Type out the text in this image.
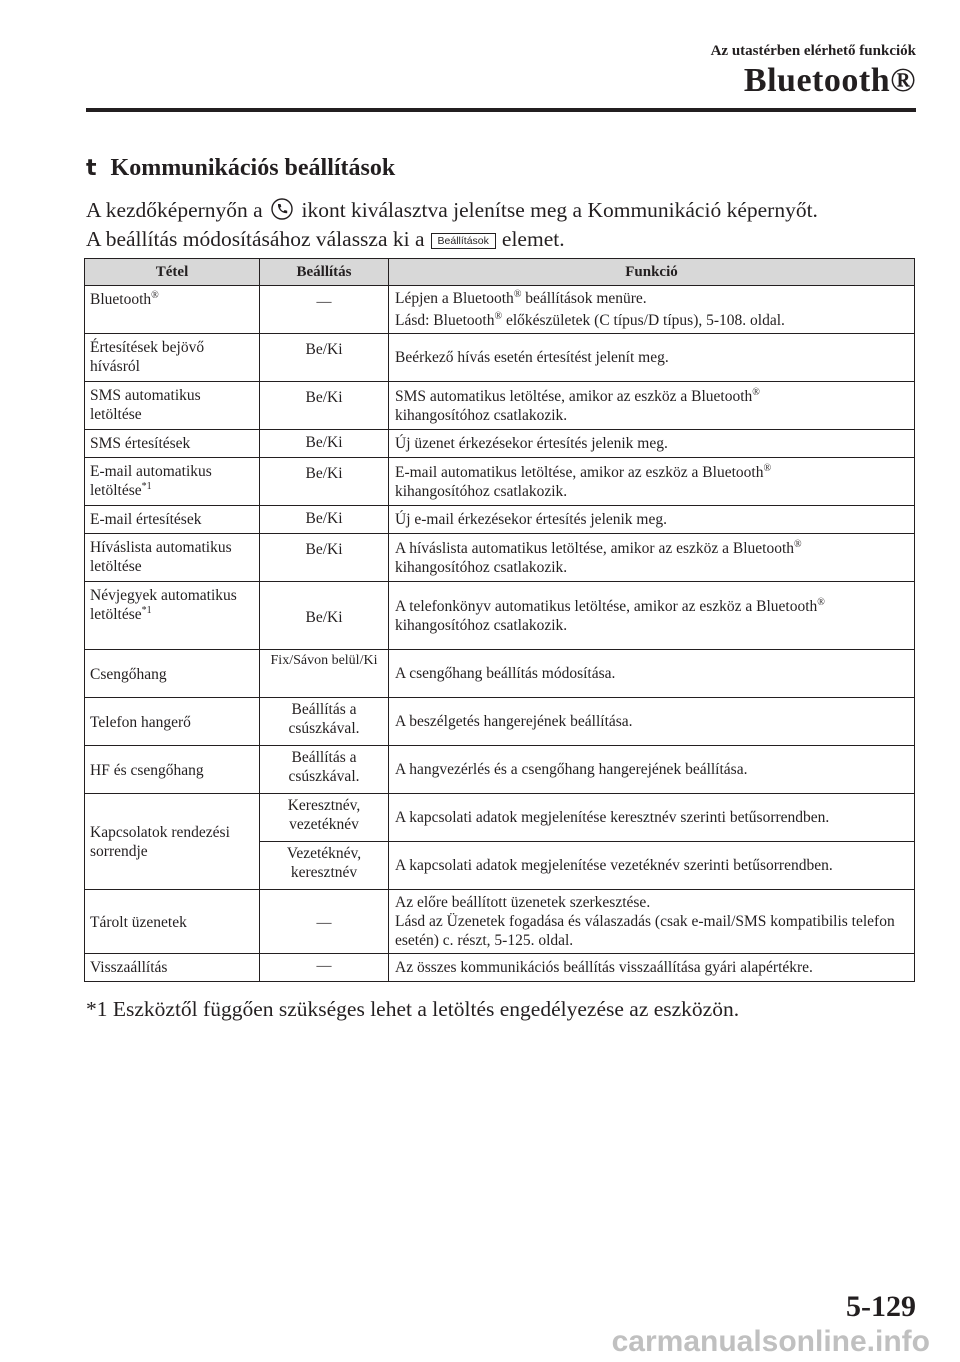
Az utastérben elérhető funkciók
Bluetooth®
t Kommunikációs beállítások
A kezdőképernyőn a ikont kiválasztva jelenítse meg a Kommunikáció képernyőt.
A beállítás módosításához válassza ki a Beállítások elemet.
Tétel	Beállítás	Funkció
Bluetooth®	—	Lépjen a Bluetooth® beállítások menüre.
Lásd: Bluetooth® előkészületek (C típus/D típus), 5-108. oldal.

Értesítések bejövő hívásról	Be/Ki	Beérkező hívás esetén értesítést jelenít meg.
SMS automatikus letöltése	Be/Ki	SMS automatikus letöltése, amikor az eszköz a Bluetooth®
kihangosítóhoz csatlakozik.
SMS értesítések	Be/Ki	Új üzenet érkezésekor értesítés jelenik meg.
E-mail automatikus letöltése$^{*1}$	Be/Ki	E-mail automatikus letöltése, amikor az eszköz a Bluetooth®
kihangosítóhoz csatlakozik.
E-mail értesítések	Be/Ki	Új e-mail érkezésekor értesítés jelenik meg.
Híváslista automatikus letöltése	Be/Ki	A híváslista automatikus letöltése, amikor az eszköz a Bluetooth®
kihangosítóhoz csatlakozik.
Névjegyek automatikus letöltése$^{*1}$	Be/Ki	A telefonkönyv automatikus letöltése, amikor az eszköz a Bluetooth®
kihangosítóhoz csatlakozik.
Csengőhang	Fix/Sávon belül/Ki	A csengőhang beállítás módosítása.
Telefon hangerő	Beállítás a csúszkával.	A beszélgetés hangerejének beállítása.
HF és csengőhang	Beállítás a csúszkával.	A hangvezérlés és a csengőhang hangerejének beállítása.
Kapcsolatok rendezési sorrendje	Keresztnév, vezetéknév	A kapcsolati adatok megjelenítése keresztnév szerinti betűsorrendben.
	Vezetéknév, keresztnév	A kapcsolati adatok megjelenítése vezetéknév szerinti betűsorrendben.
Tárolt üzenetek	—	Az előre beállított üzenetek szerkesztése.
Lásd az Üzenetek fogadása és válaszadás (csak e-mail/SMS kompatibilis telefon esetén) c. részt, 5-125. oldal.

Visszaállítás	—	Az összes kommunikációs beállítás visszaállítása gyári alapértékre.
*1 Eszköztől függően szükséges lehet a letöltés engedélyezése az eszközön.
5-129
carmanualsonline.info
